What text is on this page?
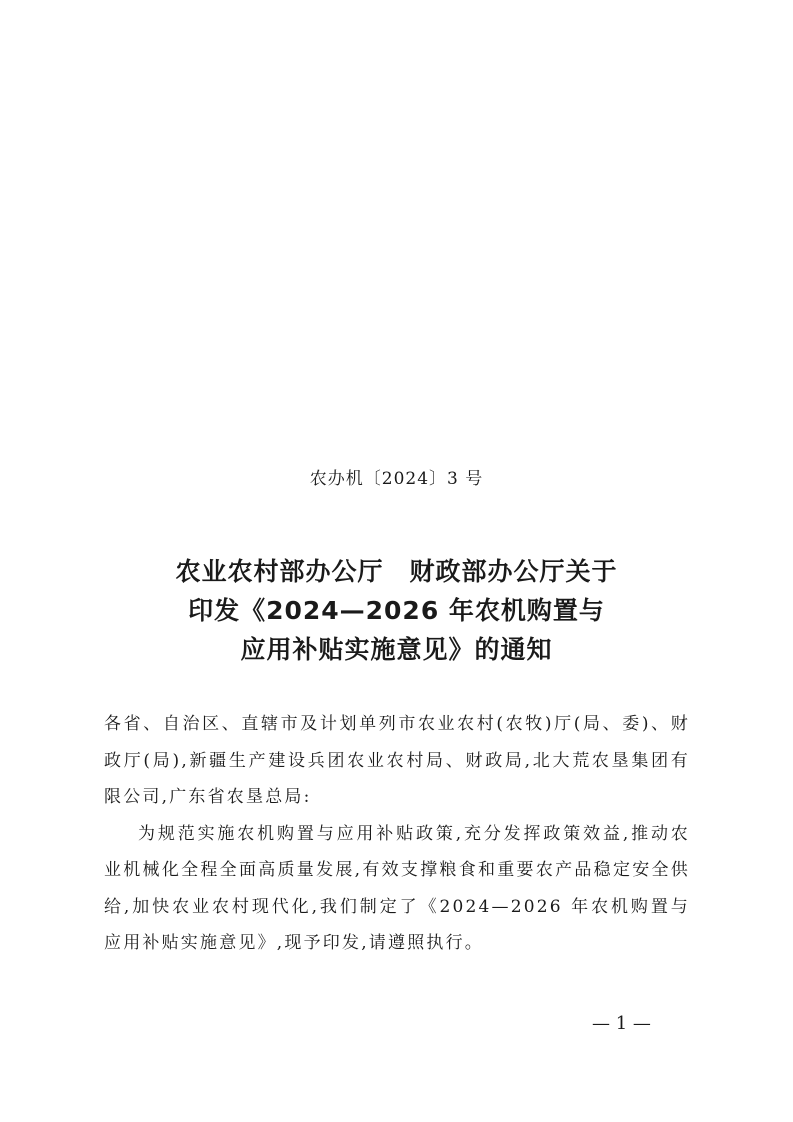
农办机〔2024〕3 号
农业农村部办公厅　财政部办公厅关于
印发《2024—2026 年农机购置与
应用补贴实施意见》的通知

各省、自治区、直辖市及计划单列市农业农村(农牧)厅(局、委)、财政厅(局),新疆生产建设兵团农业农村局、财政局,北大荒农垦集团有限公司,广东省农垦总局:

为规范实施农机购置与应用补贴政策,充分发挥政策效益,推动农业机械化全程全面高质量发展,有效支撑粮食和重要农产品稳定安全供给,加快农业农村现代化,我们制定了《2024—2026 年农机购置与应用补贴实施意见》,现予印发,请遵照执行。

— 1 —
